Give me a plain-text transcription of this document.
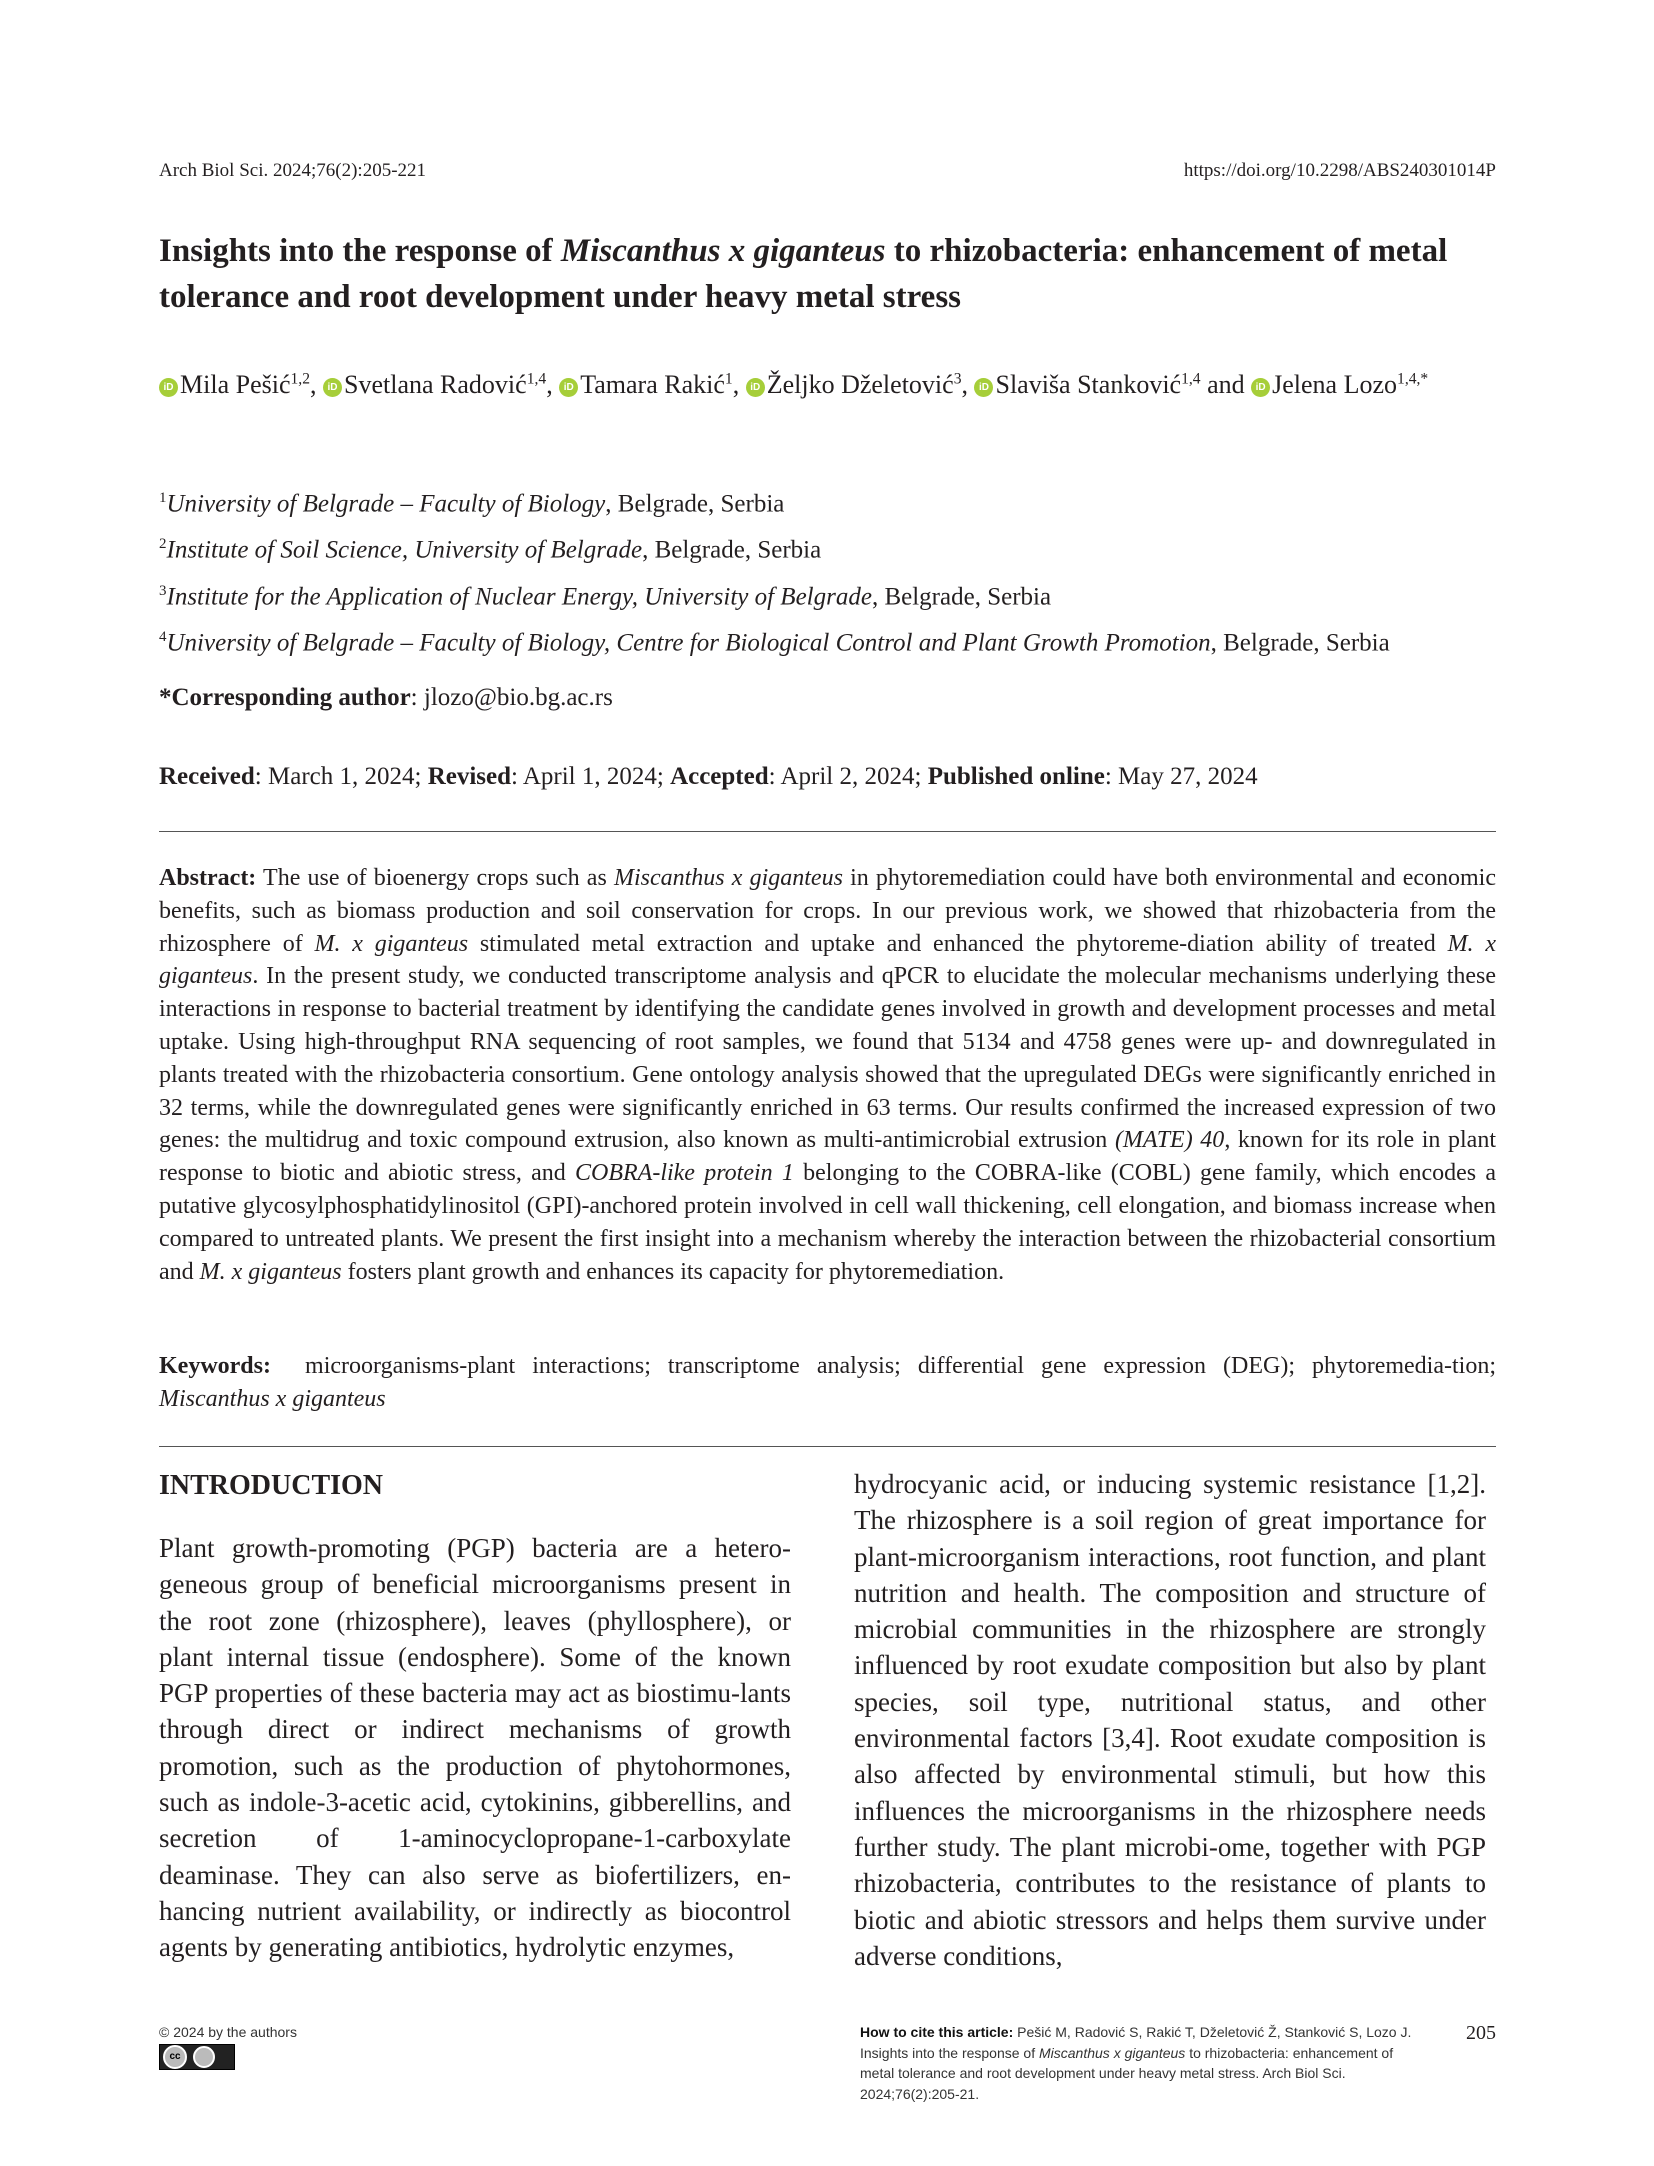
Arch Biol Sci. 2024;76(2):205-221	https://doi.org/10.2298/ABS240301014P
Insights into the response of Miscanthus x giganteus to rhizobacteria: enhancement of metal tolerance and root development under heavy metal stress
iD Mila Pešić$^{1,2}$, iD Svetlana Radović$^{1,4}$, iD Tamara Rakić$^1$, iD Željko Dželetović$^3$, iD Slaviša Stanković$^{1,4}$ and iD Jelena Lozo$^{1,4,*}$
$^1$University of Belgrade – Faculty of Biology, Belgrade, Serbia
$^2$Institute of Soil Science, University of Belgrade, Belgrade, Serbia
$^3$Institute for the Application of Nuclear Energy, University of Belgrade, Belgrade, Serbia
$^4$University of Belgrade – Faculty of Biology, Centre for Biological Control and Plant Growth Promotion, Belgrade, Serbia
*Corresponding author: jlozo@bio.bg.ac.rs
Received: March 1, 2024; Revised: April 1, 2024; Accepted: April 2, 2024; Published online: May 27, 2024
Abstract: The use of bioenergy crops such as Miscanthus x giganteus in phytoremediation could have both environmental and economic benefits, such as biomass production and soil conservation for crops. In our previous work, we showed that rhizobacteria from the rhizosphere of M. x giganteus stimulated metal extraction and uptake and enhanced the phytoreme-diation ability of treated M. x giganteus. In the present study, we conducted transcriptome analysis and qPCR to elucidate the molecular mechanisms underlying these interactions in response to bacterial treatment by identifying the candidate genes involved in growth and development processes and metal uptake. Using high-throughput RNA sequencing of root samples, we found that 5134 and 4758 genes were up- and downregulated in plants treated with the rhizobacteria consortium. Gene ontology analysis showed that the upregulated DEGs were significantly enriched in 32 terms, while the downregulated genes were significantly enriched in 63 terms. Our results confirmed the increased expression of two genes: the multidrug and toxic compound extrusion, also known as multi-antimicrobial extrusion (MATE) 40, known for its role in plant response to biotic and abiotic stress, and COBRA-like protein 1 belonging to the COBRA-like (COBL) gene family, which encodes a putative glycosylphosphatidylinositol (GPI)-anchored protein involved in cell wall thickening, cell elongation, and biomass increase when compared to untreated plants. We present the first insight into a mechanism whereby the interaction between the rhizobacterial consortium and M. x giganteus fosters plant growth and enhances its capacity for phytoremediation.
Keywords:  microorganisms-plant interactions; transcriptome analysis; differential gene expression (DEG); phytoremedia-tion; Miscanthus x giganteus
INTRODUCTION
Plant growth-promoting (PGP) bacteria are a hetero-geneous group of beneficial microorganisms present in the root zone (rhizosphere), leaves (phyllosphere), or plant internal tissue (endosphere). Some of the known PGP properties of these bacteria may act as biostimu-lants through direct or indirect mechanisms of growth promotion, such as the production of phytohormones, such as indole-3-acetic acid, cytokinins, gibberellins, and secretion of 1-aminocyclopropane-1-carboxylate deaminase. They can also serve as biofertilizers, en-hancing nutrient availability, or indirectly as biocontrol agents by generating antibiotics, hydrolytic enzymes,
hydrocyanic acid, or inducing systemic resistance [1,2]. The rhizosphere is a soil region of great importance for plant-microorganism interactions, root function, and plant nutrition and health. The composition and structure of microbial communities in the rhizosphere are strongly influenced by root exudate composition but also by plant species, soil type, nutritional status, and other environmental factors [3,4]. Root exudate composition is also affected by environmental stimuli, but how this influences the microorganisms in the rhizosphere needs further study. The plant microbi-ome, together with PGP rhizobacteria, contributes to the resistance of plants to biotic and abiotic stressors and helps them survive under adverse conditions,
© 2024 by the authors
cc
How to cite this article: Pešić M, Radović S, Rakić T, Dželetović Ž, Stanković S, Lozo J. Insights into the response of Miscanthus x giganteus to rhizobacteria: enhancement of metal tolerance and root development under heavy metal stress. Arch Biol Sci. 2024;76(2):205-21.
205
